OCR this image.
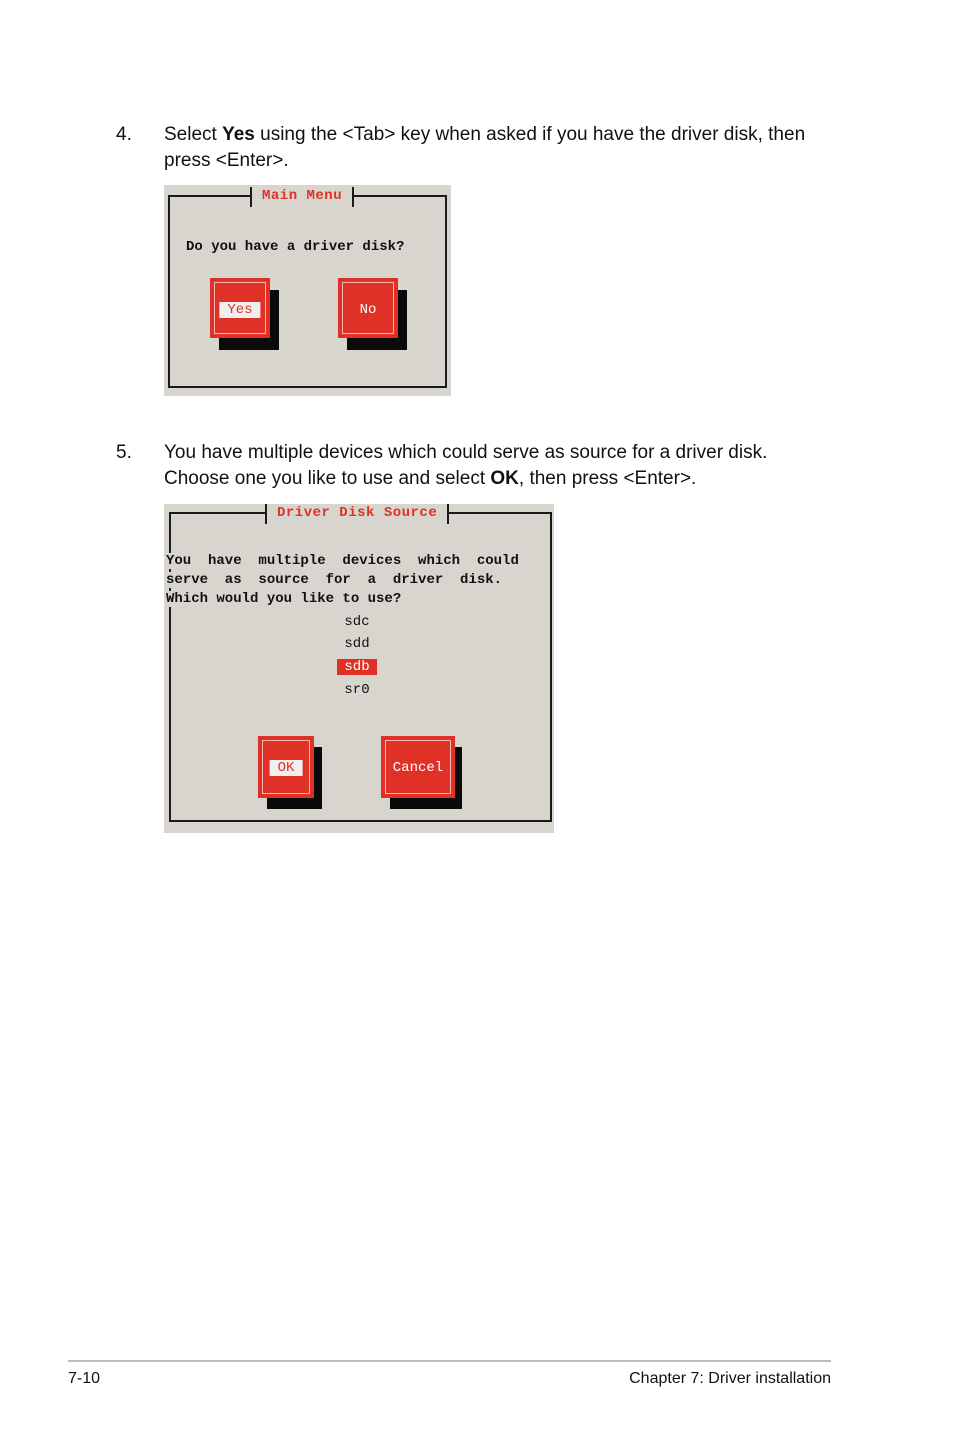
4. Select Yes using the <Tab> key when asked if you have the driver disk, then press <Enter>.
Main Menu
Do you have a driver disk?
Yes	No
5. You have multiple devices which could serve as source for a driver disk. Choose one you like to use and select OK, then press <Enter>.
Driver Disk Source
You  have  multiple  devices  which  could
serve  as  source  for  a  driver  disk.
Which would you like to use?
sdc
sdd
sdb
sr0
OK	Cancel
7-10	Chapter 7: Driver installation
